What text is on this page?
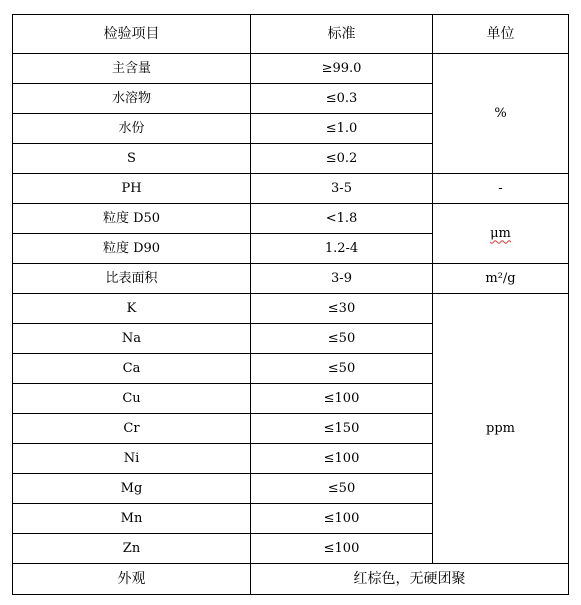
检验项目	标准	单位
主含量	≥99.0	%
水溶物	≤0.3	
水份	≤1.0	
S	≤0.2	
PH	3-5	-
粒度 D50	<1.8	μm
粒度 D90	1.2-4	
比表面积	3-9	m²/g
K	≤30	ppm
Na	≤50	
Ca	≤50	
Cu	≤100	
Cr	≤150	
Ni	≤100	
Mg	≤50	
Mn	≤100	
Zn	≤100	
外观	红棕色，无硬团聚	
